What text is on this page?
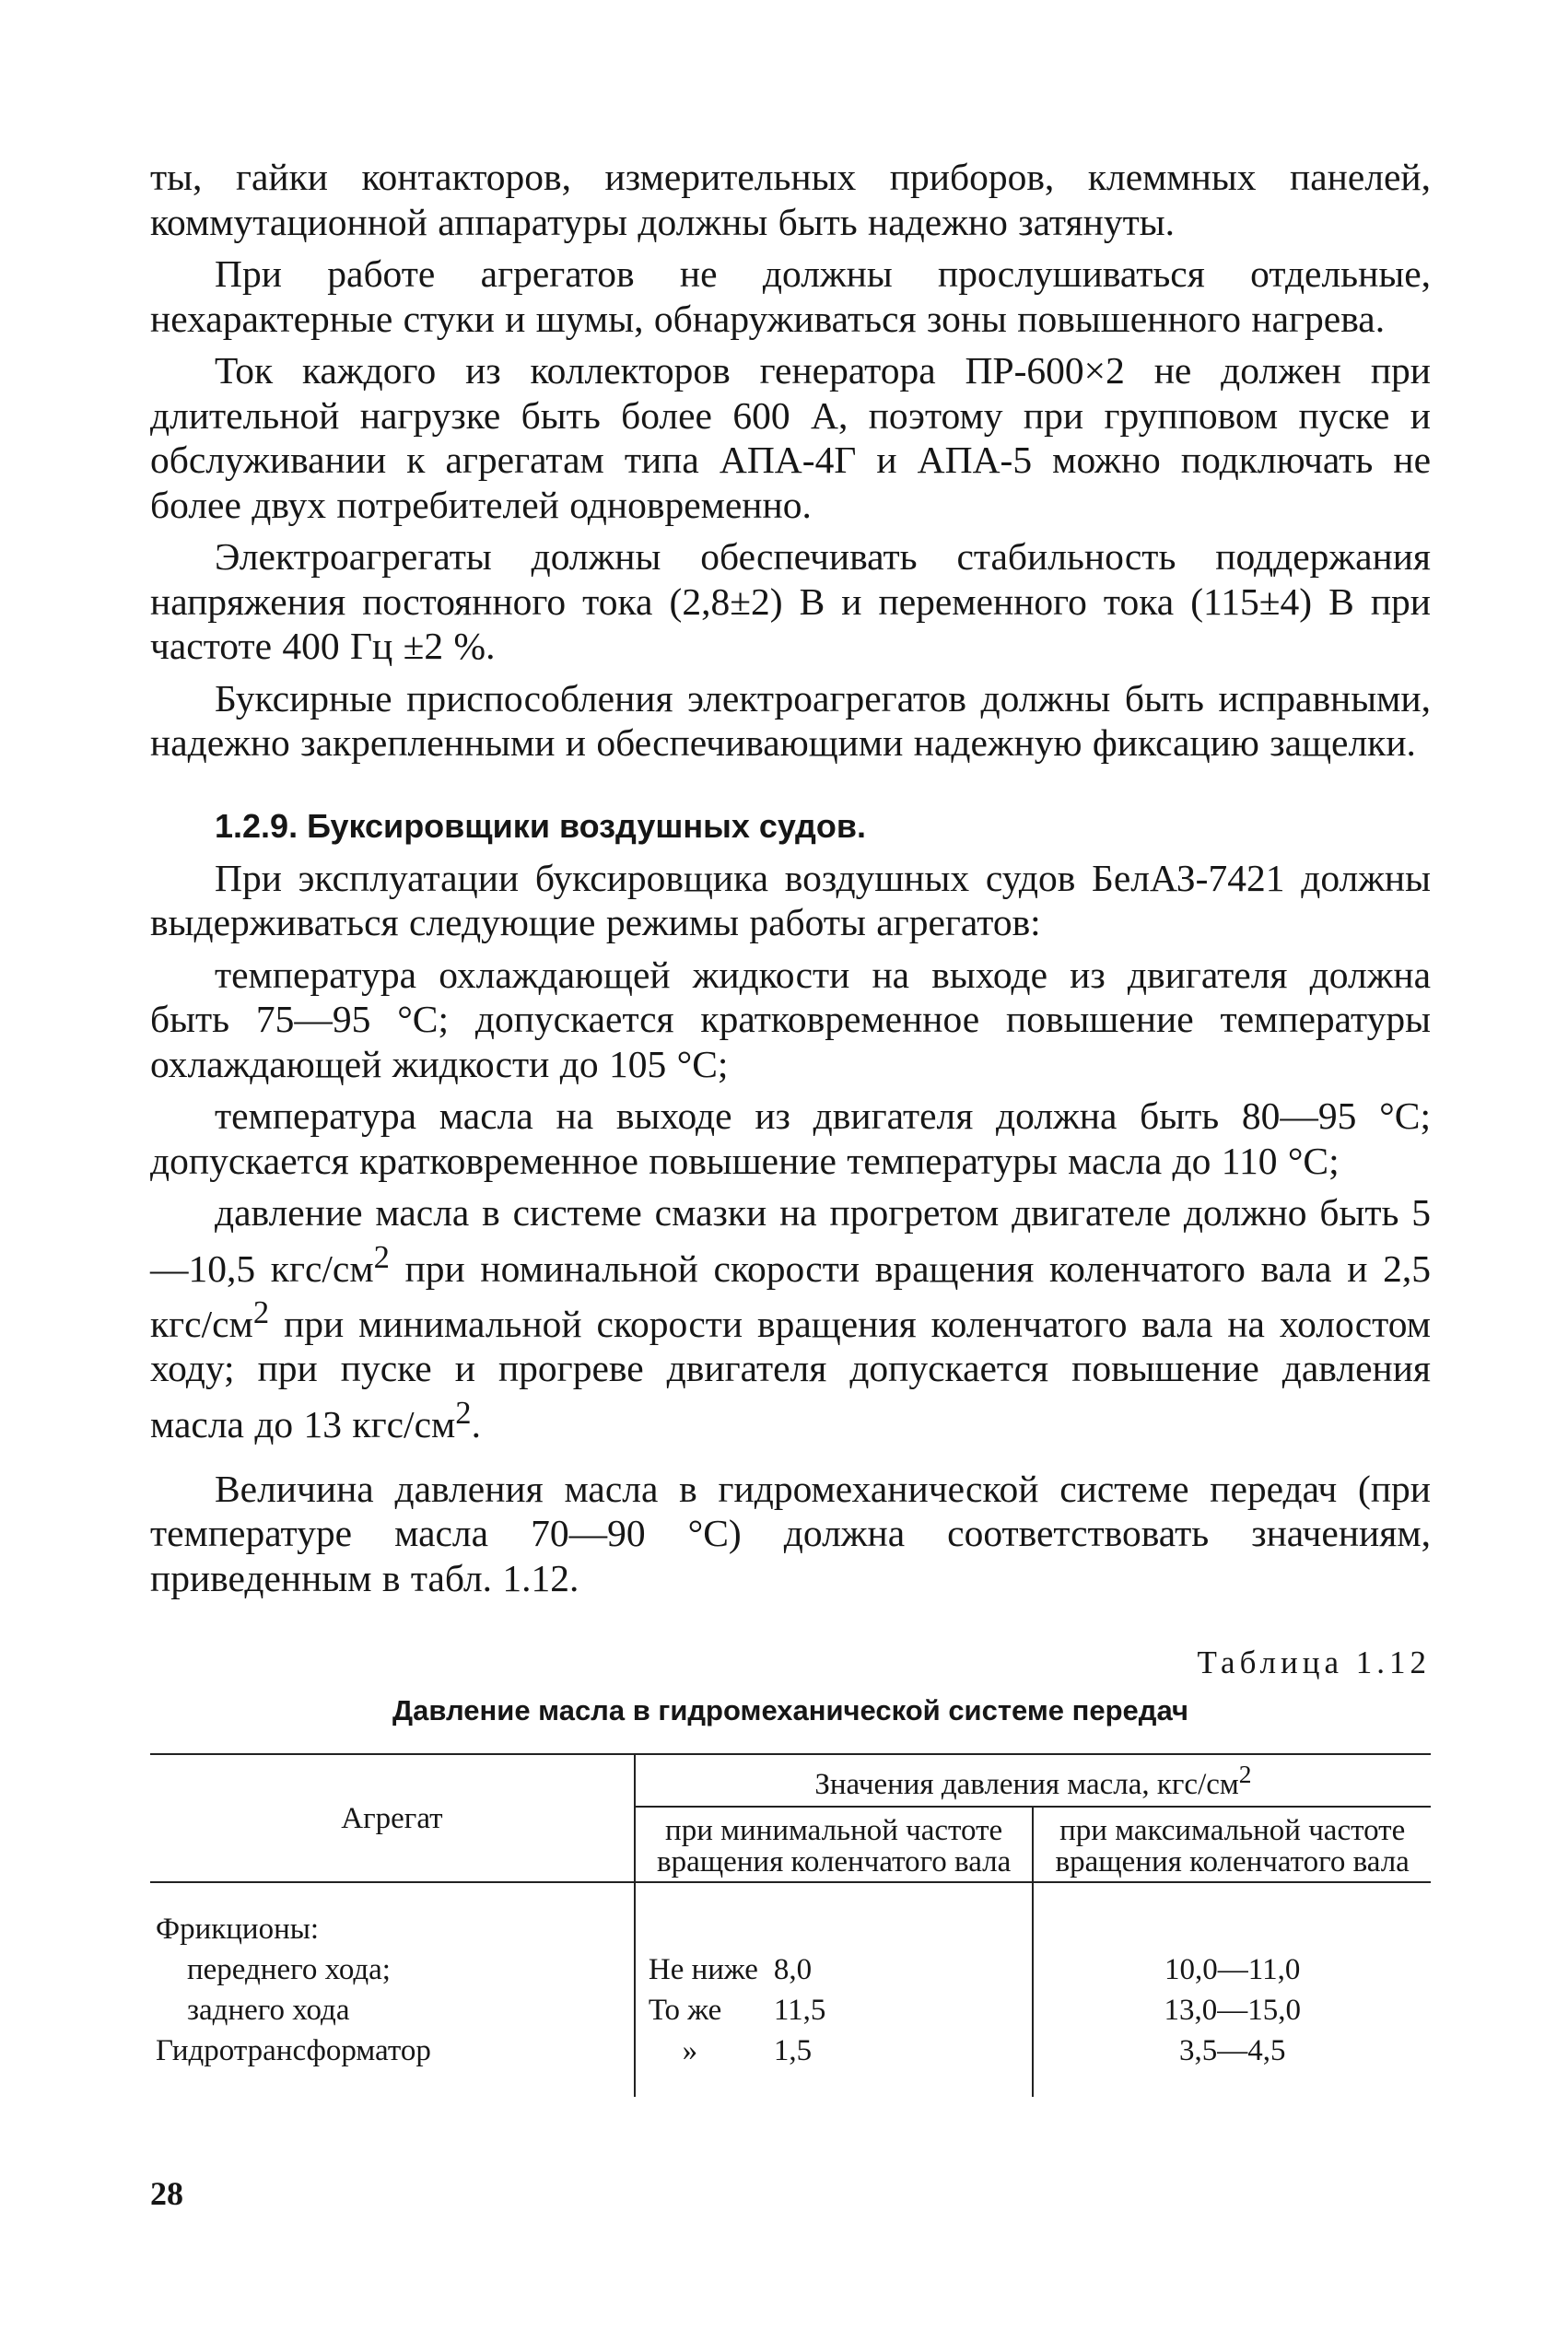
ты, гайки контакторов, измерительных приборов, клеммных панелей, коммутационной аппаратуры должны быть надежно затянуты.

При работе агрегатов не должны прослушиваться отдельные, нехарактерные стуки и шумы, обнаруживаться зоны повышенного нагрева.

Ток каждого из коллекторов генератора ПР-600×2 не должен при длительной нагрузке быть более 600 А, поэтому при групповом пуске и обслуживании к агрегатам типа АПА-4Г и АПА-5 можно подключать не более двух потребителей одновременно.

Электроагрегаты должны обеспечивать стабильность поддержания напряжения постоянного тока (2,8±2) В и переменного тока (115±4) В при частоте 400 Гц ±2 %.

Буксирные приспособления электроагрегатов должны быть исправными, надежно закрепленными и обеспечивающими надежную фиксацию защелки.

1.2.9. Буксировщики воздушных судов.

При эксплуатации буксировщика воздушных судов БелАЗ-7421 должны выдерживаться следующие режимы работы агрегатов:

температура охлаждающей жидкости на выходе из двигателя должна быть 75—95 °С; допускается кратковременное повышение температуры охлаждающей жидкости до 105 °С;

температура масла на выходе из двигателя должна быть 80—95 °С; допускается кратковременное повышение температуры масла до 110 °С;

давление масла в системе смазки на прогретом двигателе должно быть 5—10,5 кгс/$см^2$ при номинальной скорости вращения коленчатого вала и 2,5 кгс/$см^2$ при минимальной скорости вращения коленчатого вала на холостом ходу; при пуске и прогреве двигателя допускается повышение давления масла до 13 кгс/$см^2$.

Величина давления масла в гидромеханической системе передач (при температуре масла 70—90 °С) должна соответствовать значениям, приведенным в табл. 1.12.

Таблица 1.12
Давление масла в гидромеханической системе передач
Агрегат	Значения давления масла, кгс/$см^2$
	при минимальной частоте вращения коленчатого вала	при максимальной частоте вращения коленчатого вала

Фрикционы:		
переднего хода;	Не ниже 8,0	10,0—11,0
заднего хода	То же 11,5	13,0—15,0
Гидротрансформатор	» 1,5	3,5—4,5

28
